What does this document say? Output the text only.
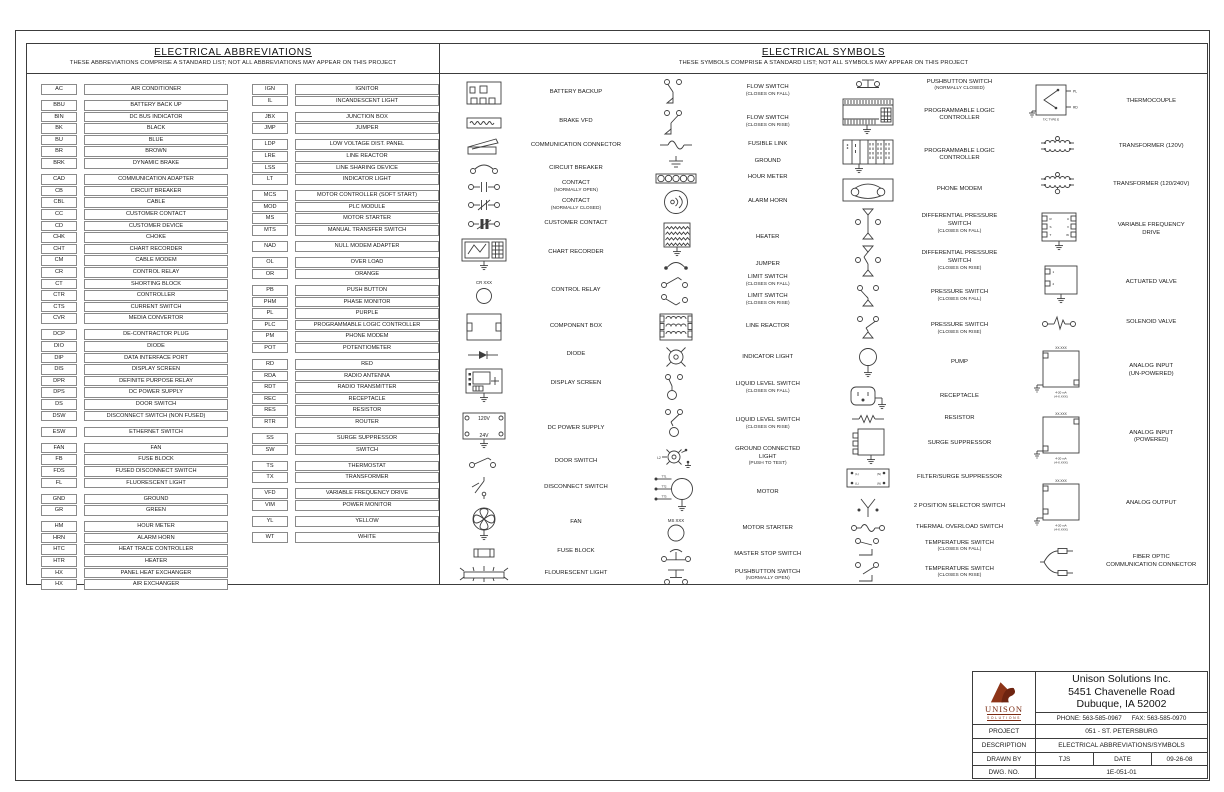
ELECTRICAL ABBREVIATIONS
THESE ABBREVIATIONS COMPRISE A STANDARD LIST; NOT ALL ABBREVIATIONS MAY APPEAR ON THIS PROJECT
AC	AIR CONDITIONER
BBU	BATTERY BACK UP
BIN	DC BUS INDICATOR
BK	BLACK
BU	BLUE
BR	BROWN
BRK	DYNAMIC BRAKE
CAD	COMMUNICATION ADAPTER
CB	CIRCUIT BREAKER
CBL	CABLE
CC	CUSTOMER CONTACT
CD	CUSTOMER DEVICE
CHK	CHOKE
CHT	CHART RECORDER
CM	CABLE MODEM
CR	CONTROL RELAY
CT	SHORTING BLOCK
CTR	CONTROLLER
CTS	CURRENT SWITCH
CVR	MEDIA CONVERTOR
DCP	DE-CONTRACTOR PLUG
DIO	DIODE
DIP	DATA INTERFACE PORT
DIS	DISPLAY SCREEN
DPR	DEFINITE PURPOSE RELAY
DPS	DC POWER SUPPLY
DS	DOOR SWITCH
DSW	DISCONNECT SWITCH (NON FUSED)
ESW	ETHERNET SWITCH
FAN	FAN
FB	FUSE BLOCK
FDS	FUSED DISCONNECT SWITCH
FL	FLUORESCENT LIGHT
GND	GROUND
GR	GREEN
HM	HOUR METER
HRN	ALARM HORN
HTC	HEAT TRACE CONTROLLER
HTR	HEATER
HX	PANEL HEAT EXCHANGER
HX	AIR EXCHANGER
IGN	IGNITOR
IL	INCANDESCENT LIGHT
JBX	JUNCTION BOX
JMP	JUMPER
LDP	LOW VOLTAGE DIST. PANEL
LRE	LINE REACTOR
LSS	LINE SHARING DEVICE
LT	INDICATOR LIGHT
MCS	MOTOR CONTROLLER (SOFT START)
MOD	PLC MODULE
MS	MOTOR STARTER
MTS	MANUAL TRANSFER SWITCH
NAD	NULL MODEM ADAPTER
OL	OVER LOAD
OR	ORANGE
PB	PUSH BUTTON
PHM	PHASE MONITOR
PL	PURPLE
PLC	PROGRAMMABLE LOGIC CONTROLLER
PM	PHONE MODEM
POT	POTENTIOMETER
RD	RED
RDA	RADIO ANTENNA
RDT	RADIO TRANSMITTER
REC	RECEPTACLE
RES	RESISTOR
RTR	ROUTER
SS	SURGE SUPPRESSOR
SW	SWITCH
TS	THERMOSTAT
TX	TRANSFORMER
VFD	VARIABLE FREQUENCY DRIVE
VIM	POWER MONITOR
YL	YELLOW
WT	WHITE
ELECTRICAL SYMBOLS
THESE SYMBOLS COMPRISE A STANDARD LIST; NOT ALL SYMBOLS MAY APPEAR ON THIS PROJECT
BATTERY BACKUP
BRAKE VFD
COMMUNICATION CONNECTOR
CIRCUIT BREAKER
CONTACT
(NORMALLY OPEN)
CONTACT
(NORMALLY CLOSED)
CUSTOMER CONTACT
CHART RECORDER
CR XXX
CONTROL RELAY
COMPONENT BOX
DIODE
DISPLAY SCREEN
120V
24V
DC POWER SUPPLY
DOOR SWITCH
DISCONNECT SWITCH
FAN
FUSE BLOCK
FLOURESCENT LIGHT
FLOW SWITCH
(CLOSES ON FALL)
FLOW SWITCH
(CLOSES ON RISE)
FUSIBLE LINK
GROUND
HOUR METER
ALARM HORN
HEATER
JUMPER
LIMIT SWITCH
(CLOSES ON FALL)
LIMIT SWITCH
(CLOSES ON RISE)
LINE REACTOR
INDICATOR LIGHT
LIQUID LEVEL SWITCH
(CLOSES ON FALL)
LIQUID LEVEL SWITCH
(CLOSES ON RISE)
L2
GROUND CONNECTED
LIGHT
(PUSH TO TEST)
TT1
TT2
TT3
MOTOR
MS XXX
MOTOR STARTER
MASTER STOP SWITCH
PUSHBUTTON SWITCH
(NORMALLY OPEN)
PUSHBUTTON SWITCH
(NORMALLY CLOSED)
PROGRAMMABLE LOGIC
CONTROLLER
PROGRAMMABLE LOGIC
CONTROLLER
PHONE MODEM
DIFFERENTIAL PRESSURE SWITCH
(CLOSES ON FALL)
DIFFERENTIAL PRESSURE SWITCH
(CLOSES ON RISE)
PRESSURE SWITCH
(CLOSES ON FALL)
PRESSURE SWITCH
(CLOSES ON RISE)
PUMP
RECEPTACLE
RESISTOR
SURGE SUPPRESSOR
(L)	(N)
(L)	(N)
FILTER/SURGE SUPPRESSOR
2 POSITION SELECTOR SWITCH
THERMAL OVERLOAD SWITCH
TEMPERATURE SWITCH
(CLOSES ON FALL)
TEMPERATURE SWITCH
(CLOSES ON RISE)
PL
RD
T/C TYPE E
THERMOCOUPLE
TRANSFORMER (120V)
TRANSFORMER (120/240V)
R
S
T
U
V
W
VARIABLE FREQUENCY
DRIVE
1
2	ACTUATED VALVE
SOLENOID VALVE
XX.XXX
4-20 mA
(4-X.XXX)
ANALOG INPUT
(UN-POWERED)
XX.XXX
4-20 mA
(4-X.XXX)
ANALOG INPUT
(POWERED)
XX.XXX
4-20 mA
(4-X.XXX)
ANALOG OUTPUT
FIBER OPTIC
COMMUNICATION CONNECTOR
UNISON
SOLUTIONS
Unison Solutions Inc.
5451 Chavenelle Road
Dubuque, IA 52002
PHONE: 563-585-0967 FAX: 563-585-0970
PROJECT	051 - ST. PETERSBURG
DESCRIPTION	ELECTRICAL ABBREVIATIONS/SYMBOLS
DRAWN BY	TJS	DATE	09-26-08
DWG. NO.	1E-051-01
